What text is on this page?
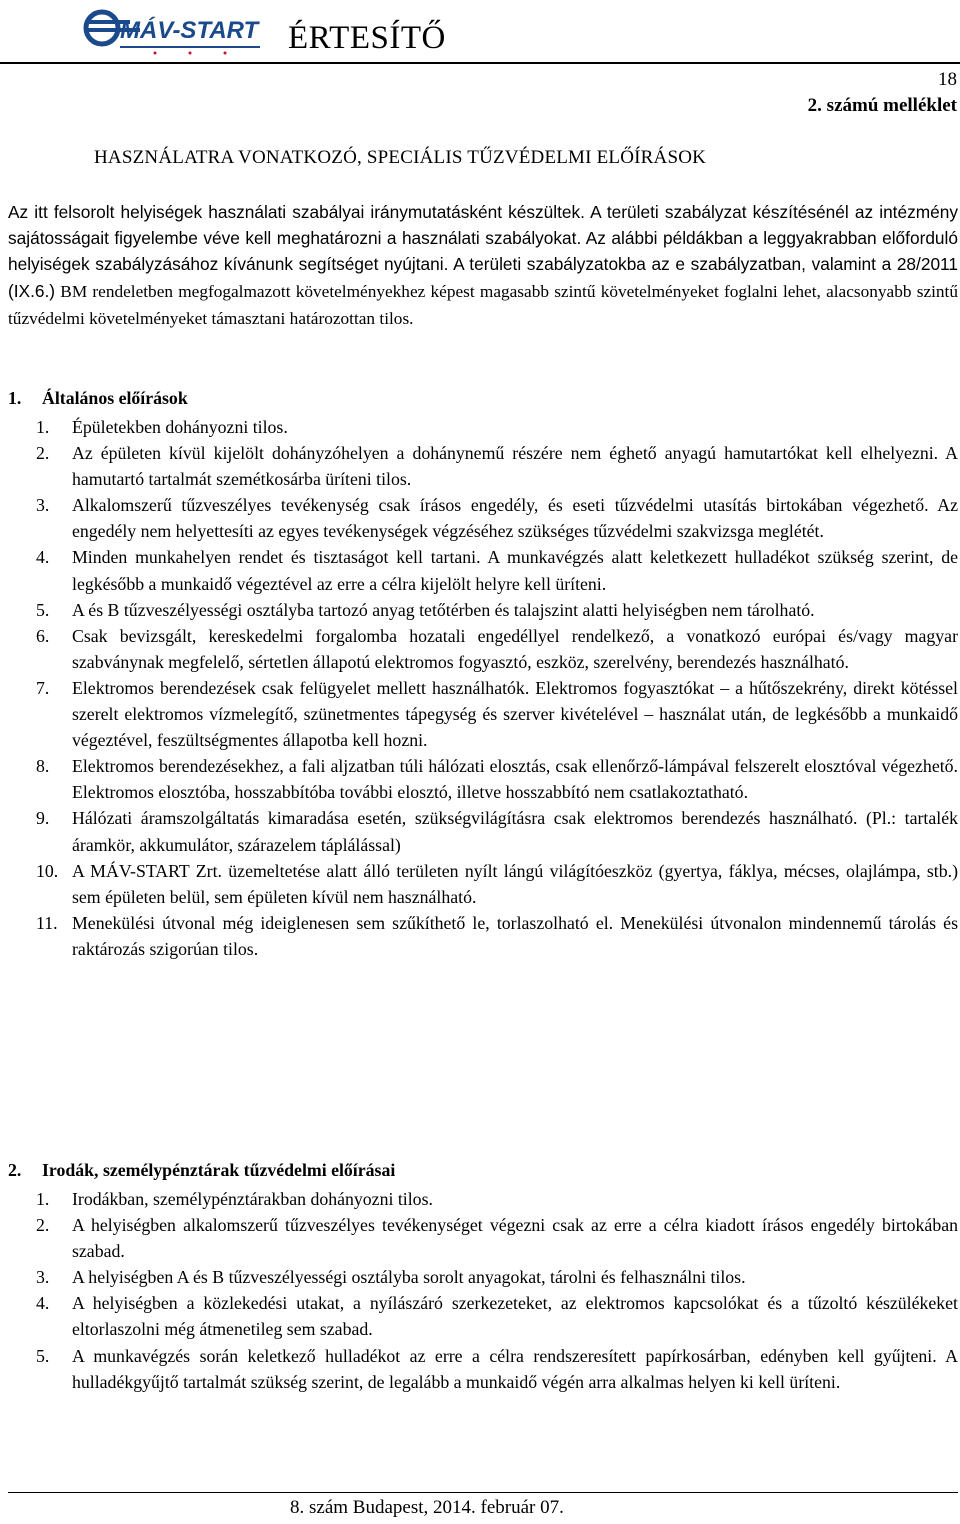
MÁV-START ÉRTESÍTŐ
18
2. számú melléklet
HASZNÁLATRA VONATKOZÓ, SPECIÁLIS TŰZVÉDELMI ELŐÍRÁSOK

Az itt felsorolt helyiségek használati szabályai iránymutatásként készültek. A területi szabályzat készítésénél az intézmény sajátosságait figyelembe véve kell meghatározni a használati szabályokat. Az alábbi példákban a leggyakrabban előforduló helyiségek szabályzásához kívánunk segítséget nyújtani. A területi szabályzatokba az e szabályzatban, valamint a 28/2011 (IX.6.) BM rendeletben megfogalmazott követelményekhez képest magasabb szintű követelményeket foglalni lehet, alacsonyabb szintű tűzvédelmi követelményeket támasztani határozottan tilos.

1. Általános előírások
1. Épületekben dohányozni tilos.
2. Az épületen kívül kijelölt dohányzóhelyen a dohánynemű részére nem éghető anyagú hamutartókat kell elhelyezni. A hamutartó tartalmát szemétkosárba üríteni tilos.
3. Alkalomszerű tűzveszélyes tevékenység csak írásos engedély, és eseti tűzvédelmi utasítás birtokában végezhető. Az engedély nem helyettesíti az egyes tevékenységek végzéséhez szükséges tűzvédelmi szakvizsga meglétét.
4. Minden munkahelyen rendet és tisztaságot kell tartani. A munkavégzés alatt keletkezett hulladékot szükség szerint, de legkésőbb a munkaidő végeztével az erre a célra kijelölt helyre kell üríteni.
5. A és B tűzveszélyességi osztályba tartozó anyag tetőtérben és talajszint alatti helyiségben nem tárolható.
6. Csak bevizsgált, kereskedelmi forgalomba hozatali engedéllyel rendelkező, a vonatkozó európai és/vagy magyar szabványnak megfelelő, sértetlen állapotú elektromos fogyasztó, eszköz, szerelvény, berendezés használható.
7. Elektromos berendezések csak felügyelet mellett használhatók. Elektromos fogyasztókat – a hűtőszekrény, direkt kötéssel szerelt elektromos vízmelegítő, szünetmentes tápegység és szerver kivételével – használat után, de legkésőbb a munkaidő végeztével, feszültségmentes állapotba kell hozni.
8. Elektromos berendezésekhez, a fali aljzatban túli hálózati elosztás, csak ellenőrző-lámpával felszerelt elosztóval végezhető. Elektromos elosztóba, hosszabbítóba további elosztó, illetve hosszabbító nem csatlakoztatható.
9. Hálózati áramszolgáltatás kimaradása esetén, szükségvilágításra csak elektromos berendezés használható. (Pl.: tartalék áramkör, akkumulátor, szárazelem táplálással)
10. A MÁV-START Zrt. üzemeltetése alatt álló területen nyílt lángú világítóeszköz (gyertya, fáklya, mécses, olajlámpa, stb.) sem épületen belül, sem épületen kívül nem használható.
11. Menekülési útvonal még ideiglenesen sem szűkíthető le, torlaszolható el. Menekülési útvonalon mindennemű tárolás és raktározás szigorúan tilos.
2. Irodák, személypénztárak tűzvédelmi előírásai
1. Irodákban, személypénztárakban dohányozni tilos.
2. A helyiségben alkalomszerű tűzveszélyes tevékenységet végezni csak az erre a célra kiadott írásos engedély birtokában szabad.
3. A helyiségben A és B tűzveszélyességi osztályba sorolt anyagokat, tárolni és felhasználni tilos.
4. A helyiségben a közlekedési utakat, a nyílászáró szerkezeteket, az elektromos kapcsolókat és a tűzoltó készülékeket eltorlaszolni még átmenetileg sem szabad.
5. A munkavégzés során keletkező hulladékot az erre a célra rendszeresített papírkosárban, edényben kell gyűjteni. A hulladékgyűjtő tartalmát szükség szerint, de legalább a munkaidő végén arra alkalmas helyen ki kell üríteni.
8. szám Budapest, 2014. február 07.
